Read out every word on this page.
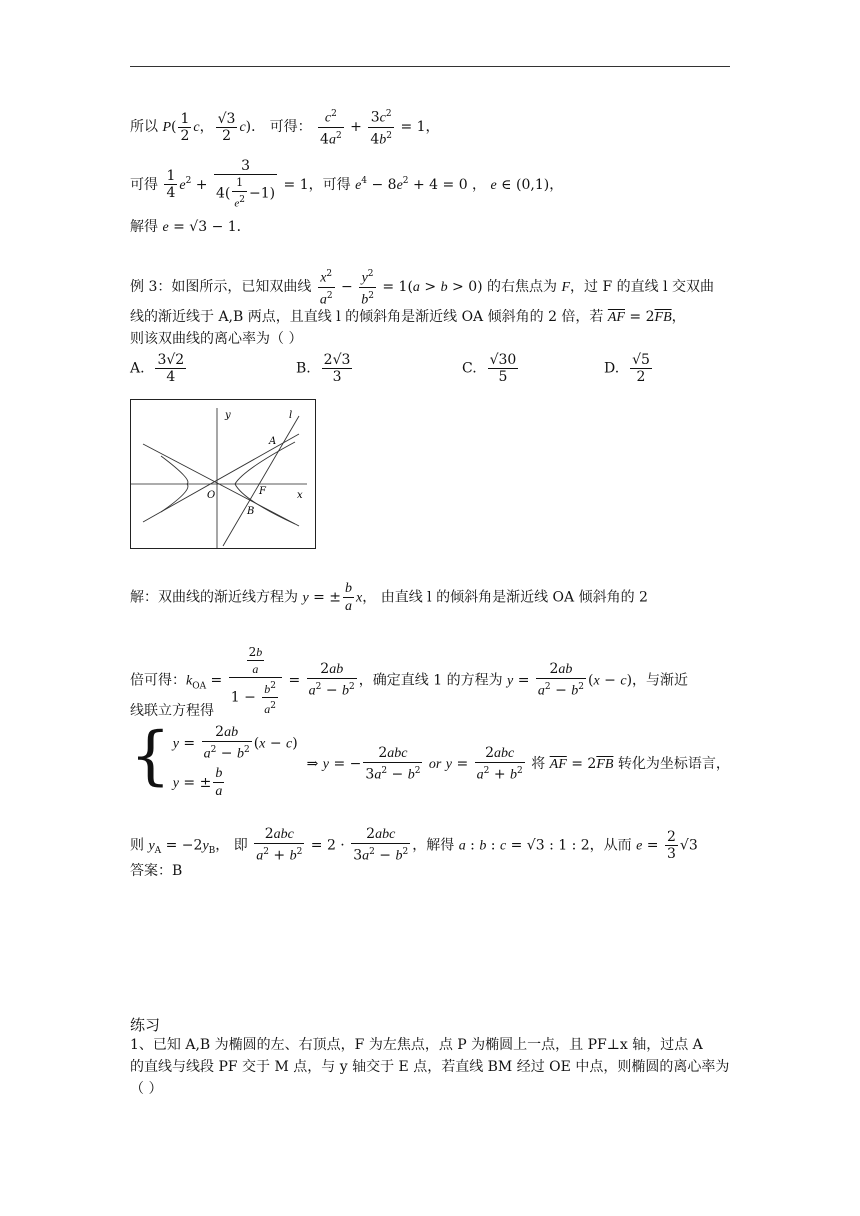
所以 $P( \frac{1}{2}$ c， $\frac{√3}{2} c$)． 可得： $\frac{c^2}{4a^2} + \frac{3c^2}{4b^2} = 1$，
可得 $\frac{1}{4} e^2 + \frac{3}{4( \frac{1}{e^2} -1)} = 1$，可得 $e^4 - 8e^2 + 4 = 0$ ， e ∈ (0,1)，
解得 e = √3 − 1．
例 3：如图所示，已知双曲线 $\frac{x^2}{a^2} - \frac{y^2}{b^2} = 1(a > b > 0)$ 的右焦点为 F，过 F 的直线 l 交双曲
线的渐近线于 A,B 两点，且直线 l 的倾斜角是渐近线 OA 倾斜角的 2 倍，若 $\overline{AF} = 2\overline{FB}$，
则该双曲线的离心率为（ ）
A. $\frac{3√2}{4}$	B. $\frac{2√3}{3}$	C. $\frac{√30}{5}$	D. $\frac{√5}{2}$
y	l
A
O	F
B
x
解：双曲线的渐近线方程为 y = ± $\frac{b}{a}$ x， 由直线 l 的倾斜角是渐近线 OA 倾斜角的 2
倍可得：$k_{OA} = \frac{\frac{2b}{a}}{1 - \frac{b^2}{a^2}} = \frac{2ab}{a^2 - b^2}$ ，确定直线 1 的方程为 $y = \frac{2ab}{a^2 - b^2} (x - c)$，与渐近
线联立方程得
{ $y = \frac{2ab}{a^2 - b^2} (x - c)$
y = ± $\frac{b}{a}$
⇒ y = − $\frac{\text{2abc}}{3a^2 - b^2}$ or $y = \frac{\text{2abc}}{a^2 + b^2}$ 将 $\overline{AF} = 2\overline{FB}$ 转化为坐标语言，
则 $y_A = -2y_B$， 即 $\frac{\text{2abc}}{a^2 + b^2} = 2 \cdot \frac{\text{2abc}}{3a^2 - b^2}$ ，解得 a : b : c = √3 : 1 : 2，从而 $e = \frac{2}{3} √3$
答案：B
练习
1、已知 A,B 为椭圆的左、右顶点，F 为左焦点，点 P 为椭圆上一点，且 PF⊥x 轴，过点 A
的直线与线段 PF 交于 M 点，与 y 轴交于 E 点，若直线 BM 经过 OE 中点，则椭圆的离心率为
（ ）
